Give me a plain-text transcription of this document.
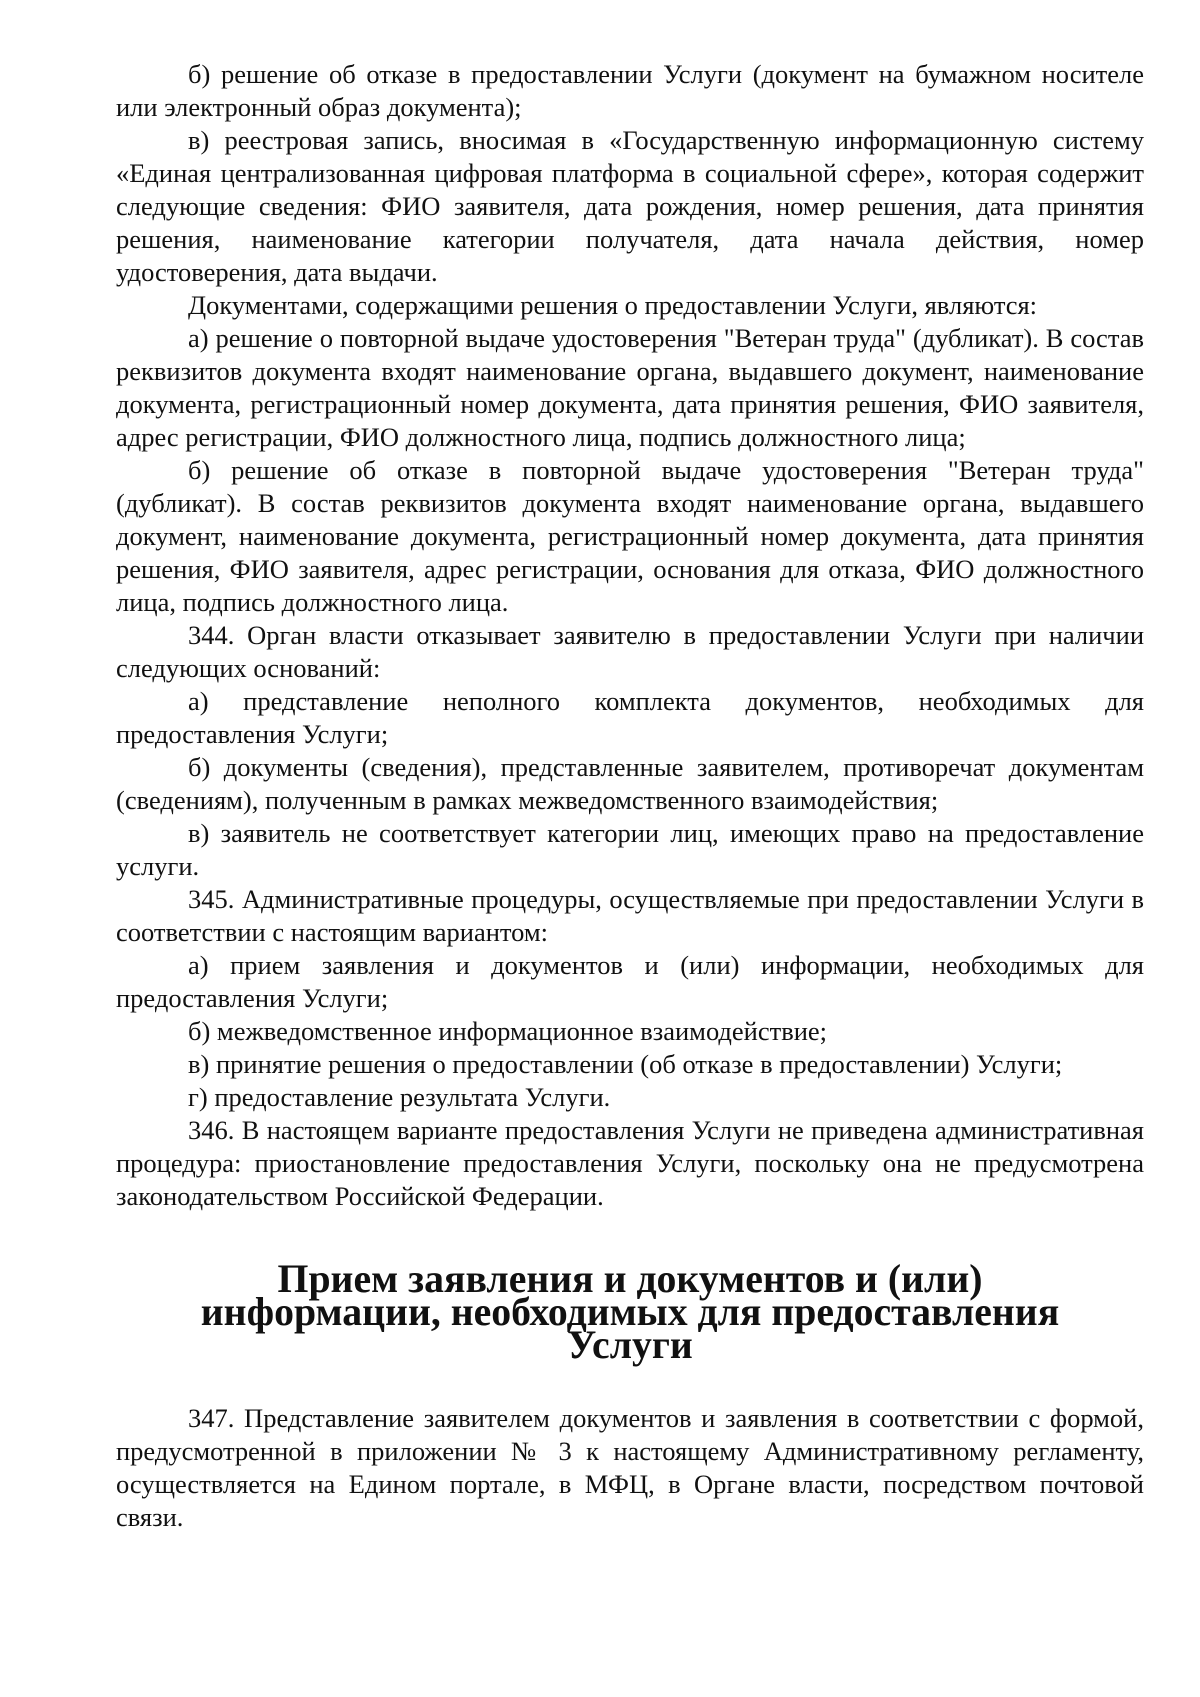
б) решение об отказе в предоставлении Услуги (документ на бумажном носителе или электронный образ документа);

в) реестровая запись, вносимая в «Государственную информационную систему «Единая централизованная цифровая платформа в социальной сфере», которая содержит следующие сведения: ФИО заявителя, дата рождения, номер решения, дата принятия решения, наименование категории получателя, дата начала действия, номер удостоверения, дата выдачи.

Документами, содержащими решения о предоставлении Услуги, являются:

а) решение о повторной выдаче удостоверения "Ветеран труда" (дубликат). В состав реквизитов документа входят наименование органа, выдавшего документ, наименование документа, регистрационный номер документа, дата принятия решения, ФИО заявителя, адрес регистрации, ФИО должностного лица, подпись должностного лица;

б) решение об отказе в повторной выдаче удостоверения "Ветеран труда" (дубликат). В состав реквизитов документа входят наименование органа, выдавшего документ, наименование документа, регистрационный номер документа, дата принятия решения, ФИО заявителя, адрес регистрации, основания для отказа, ФИО должностного лица, подпись должностного лица.

344. Орган власти отказывает заявителю в предоставлении Услуги при наличии следующих оснований:

а) представление неполного комплекта документов, необходимых для предоставления Услуги;

б) документы (сведения), представленные заявителем, противоречат документам (сведениям), полученным в рамках межведомственного взаимодействия;

в) заявитель не соответствует категории лиц, имеющих право на предоставление услуги.

345. Административные процедуры, осуществляемые при предоставлении Услуги в соответствии с настоящим вариантом:

а) прием заявления и документов и (или) информации, необходимых для предоставления Услуги;

б) межведомственное информационное взаимодействие;

в) принятие решения о предоставлении (об отказе в предоставлении) Услуги;

г) предоставление результата Услуги.

346. В настоящем варианте предоставления Услуги не приведена административная процедура: приостановление предоставления Услуги, поскольку она не предусмотрена законодательством Российской Федерации.

Прием заявления и документов и (или) информации, необходимых для предоставления Услуги

347. Представление заявителем документов и заявления в соответствии с формой, предусмотренной в приложении № 3 к настоящему Административному регламенту, осуществляется на Едином портале, в МФЦ, в Органе власти, посредством почтовой связи.
